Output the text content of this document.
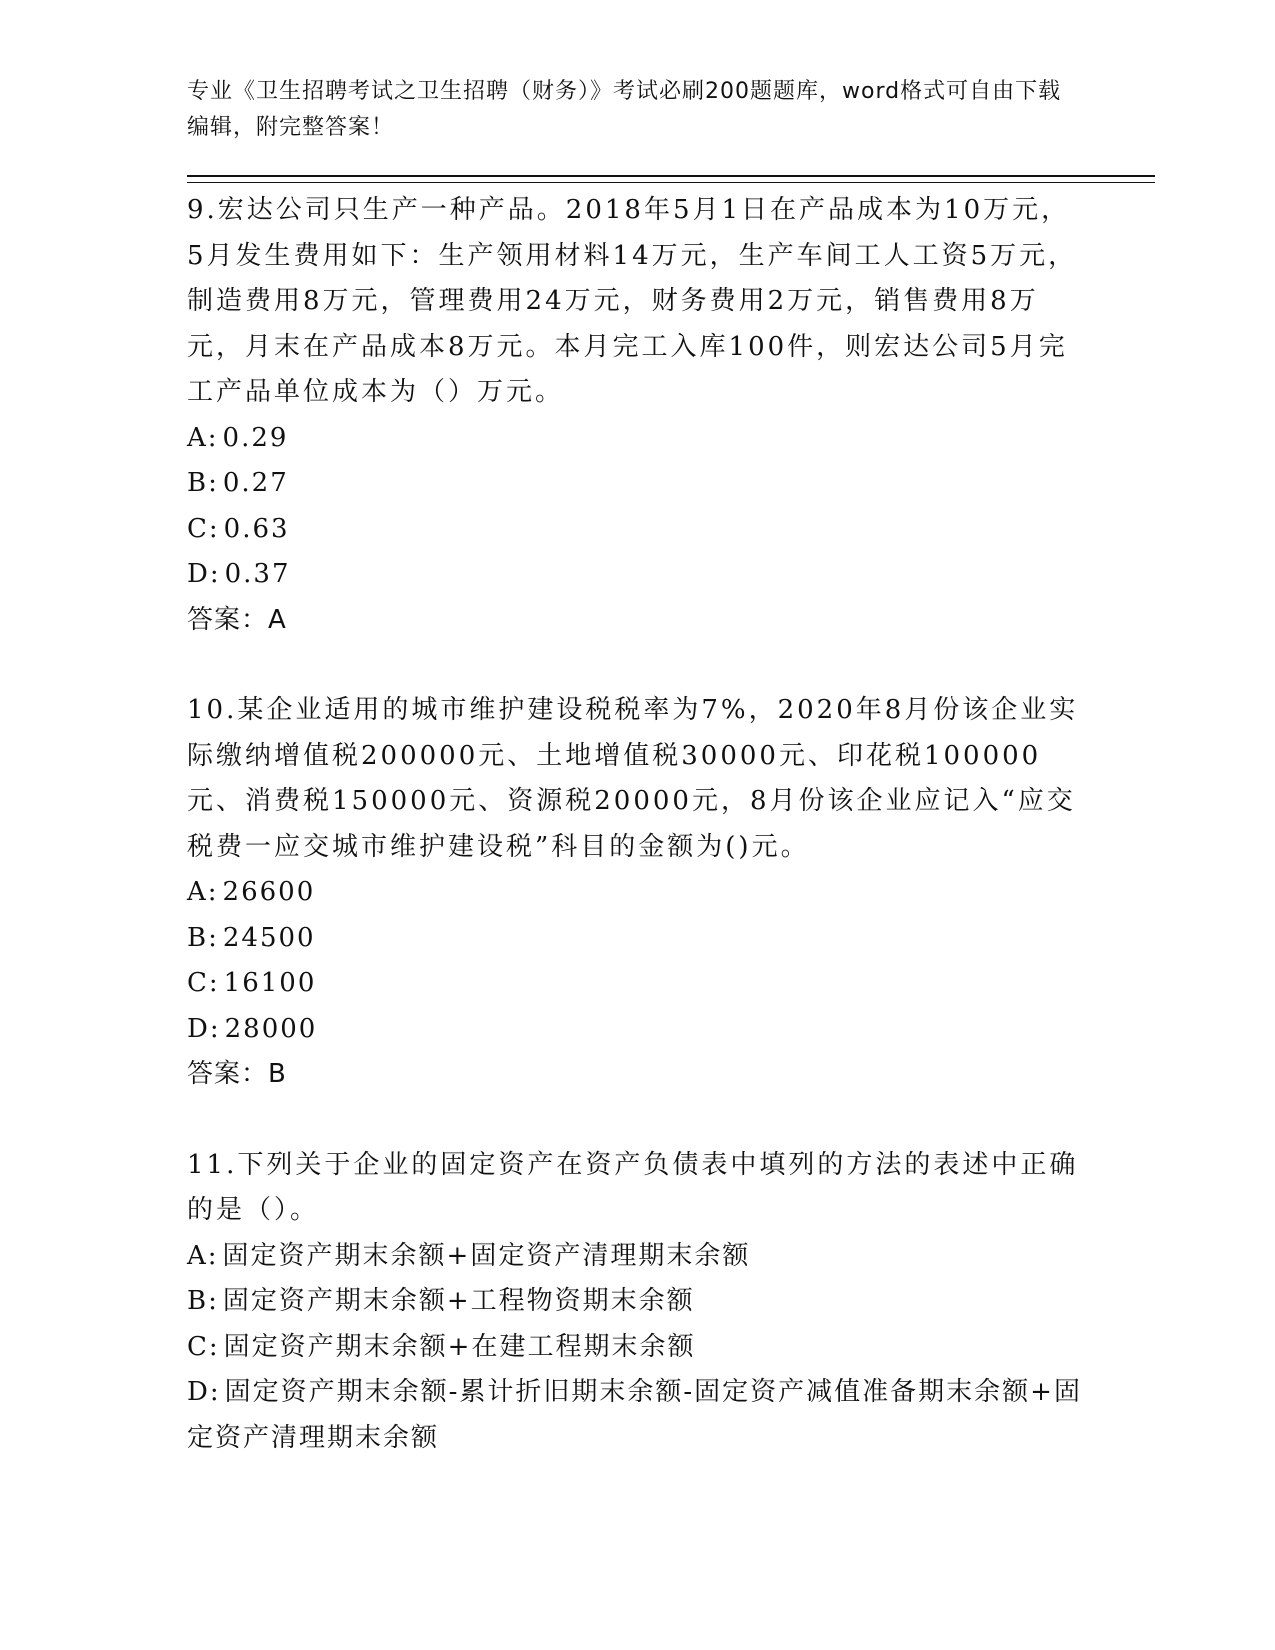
专业《卫生招聘考试之卫生招聘（财务）》考试必刷200题题库，word格式可自由下载编辑，附完整答案！

9.宏达公司只生产一种产品。2018年5月1日在产品成本为10万元，5月发生费用如下：生产领用材料14万元，生产车间工人工资5万元，制造费用8万元，管理费用24万元，财务费用2万元，销售费用8万元，月末在产品成本8万元。本月完工入库100件，则宏达公司5月完工产品单位成本为（）万元。

A: 0.29

B: 0.27

C: 0.63

D: 0.37

答案：A

10.某企业适用的城市维护建设税税率为7%，2020年8月份该企业实际缴纳增值税200000元、土地增值税30000元、印花税100000元、消费税150000元、资源税20000元，8月份该企业应记入“应交税费一应交城市维护建设税”科目的金额为()元。

A: 26600

B: 24500

C: 16100

D: 28000

答案：B

11.下列关于企业的固定资产在资产负债表中填列的方法的表述中正确的是（）。

A: 固定资产期末余额+固定资产清理期末余额

B: 固定资产期末余额+工程物资期末余额

C: 固定资产期末余额+在建工程期末余额

D: 固定资产期末余额-累计折旧期末余额-固定资产减值准备期末余额+固定资产清理期末余额
